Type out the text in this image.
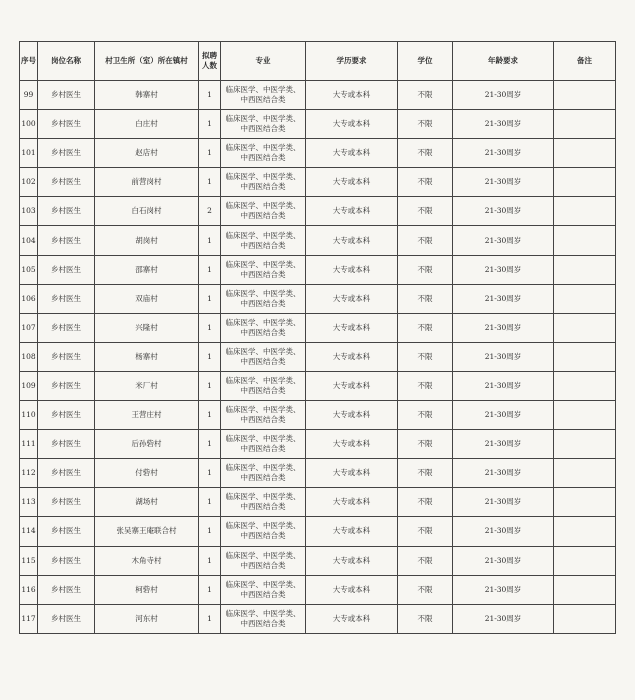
序号	岗位名称	村卫生所（室）所在镇村	拟聘人数	专业	学历要求	学位	年龄要求	备注
99	乡村医生	韩寨村	1	临床医学、中医学类、中西医结合类	大专或本科	不限	21-30周岁	
100	乡村医生	白庄村	1	临床医学、中医学类、中西医结合类	大专或本科	不限	21-30周岁	
101	乡村医生	赵店村	1	临床医学、中医学类、中西医结合类	大专或本科	不限	21-30周岁	
102	乡村医生	前营岗村	1	临床医学、中医学类、中西医结合类	大专或本科	不限	21-30周岁	
103	乡村医生	白石岗村	2	临床医学、中医学类、中西医结合类	大专或本科	不限	21-30周岁	
104	乡村医生	胡岗村	1	临床医学、中医学类、中西医结合类	大专或本科	不限	21-30周岁	
105	乡村医生	邵寨村	1	临床医学、中医学类、中西医结合类	大专或本科	不限	21-30周岁	
106	乡村医生	双庙村	1	临床医学、中医学类、中西医结合类	大专或本科	不限	21-30周岁	
107	乡村医生	兴隆村	1	临床医学、中医学类、中西医结合类	大专或本科	不限	21-30周岁	
108	乡村医生	杨寨村	1	临床医学、中医学类、中西医结合类	大专或本科	不限	21-30周岁	
109	乡村医生	米厂村	1	临床医学、中医学类、中西医结合类	大专或本科	不限	21-30周岁	
110	乡村医生	王营庄村	1	临床医学、中医学类、中西医结合类	大专或本科	不限	21-30周岁	
111	乡村医生	后孙砦村	1	临床医学、中医学类、中西医结合类	大专或本科	不限	21-30周岁	
112	乡村医生	付砦村	1	临床医学、中医学类、中西医结合类	大专或本科	不限	21-30周岁	
113	乡村医生	湖场村	1	临床医学、中医学类、中西医结合类	大专或本科	不限	21-30周岁	
114	乡村医生	张吴寨王庵联合村	1	临床医学、中医学类、中西医结合类	大专或本科	不限	21-30周岁	
115	乡村医生	木角寺村	1	临床医学、中医学类、中西医结合类	大专或本科	不限	21-30周岁	
116	乡村医生	柯砦村	1	临床医学、中医学类、中西医结合类	大专或本科	不限	21-30周岁	
117	乡村医生	河东村	1	临床医学、中医学类、中西医结合类	大专或本科	不限	21-30周岁	
